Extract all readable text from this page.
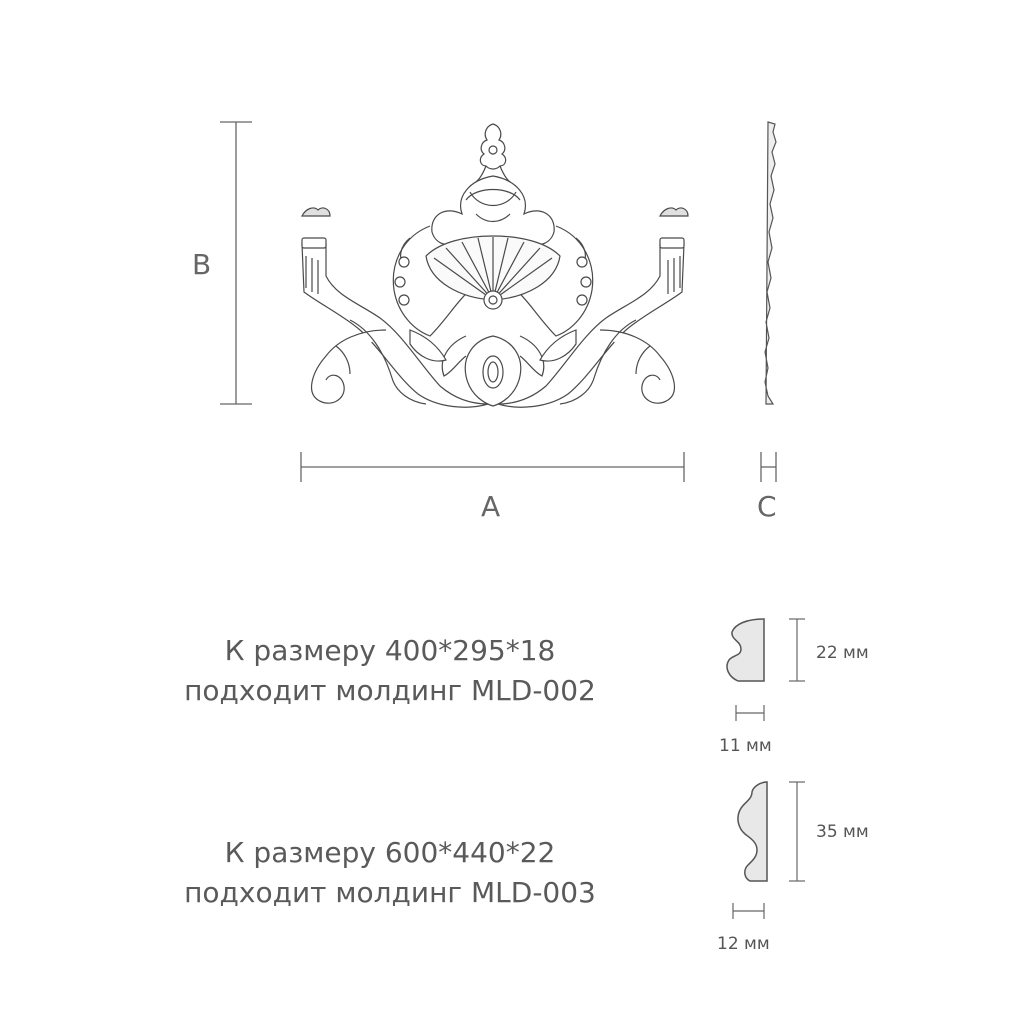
B
A	C
22 мм
11 мм
35 мм
12 мм
К размеру 400*295*18
подходит молдинг MLD-002
К размеру 600*440*22
подходит молдинг MLD-003
